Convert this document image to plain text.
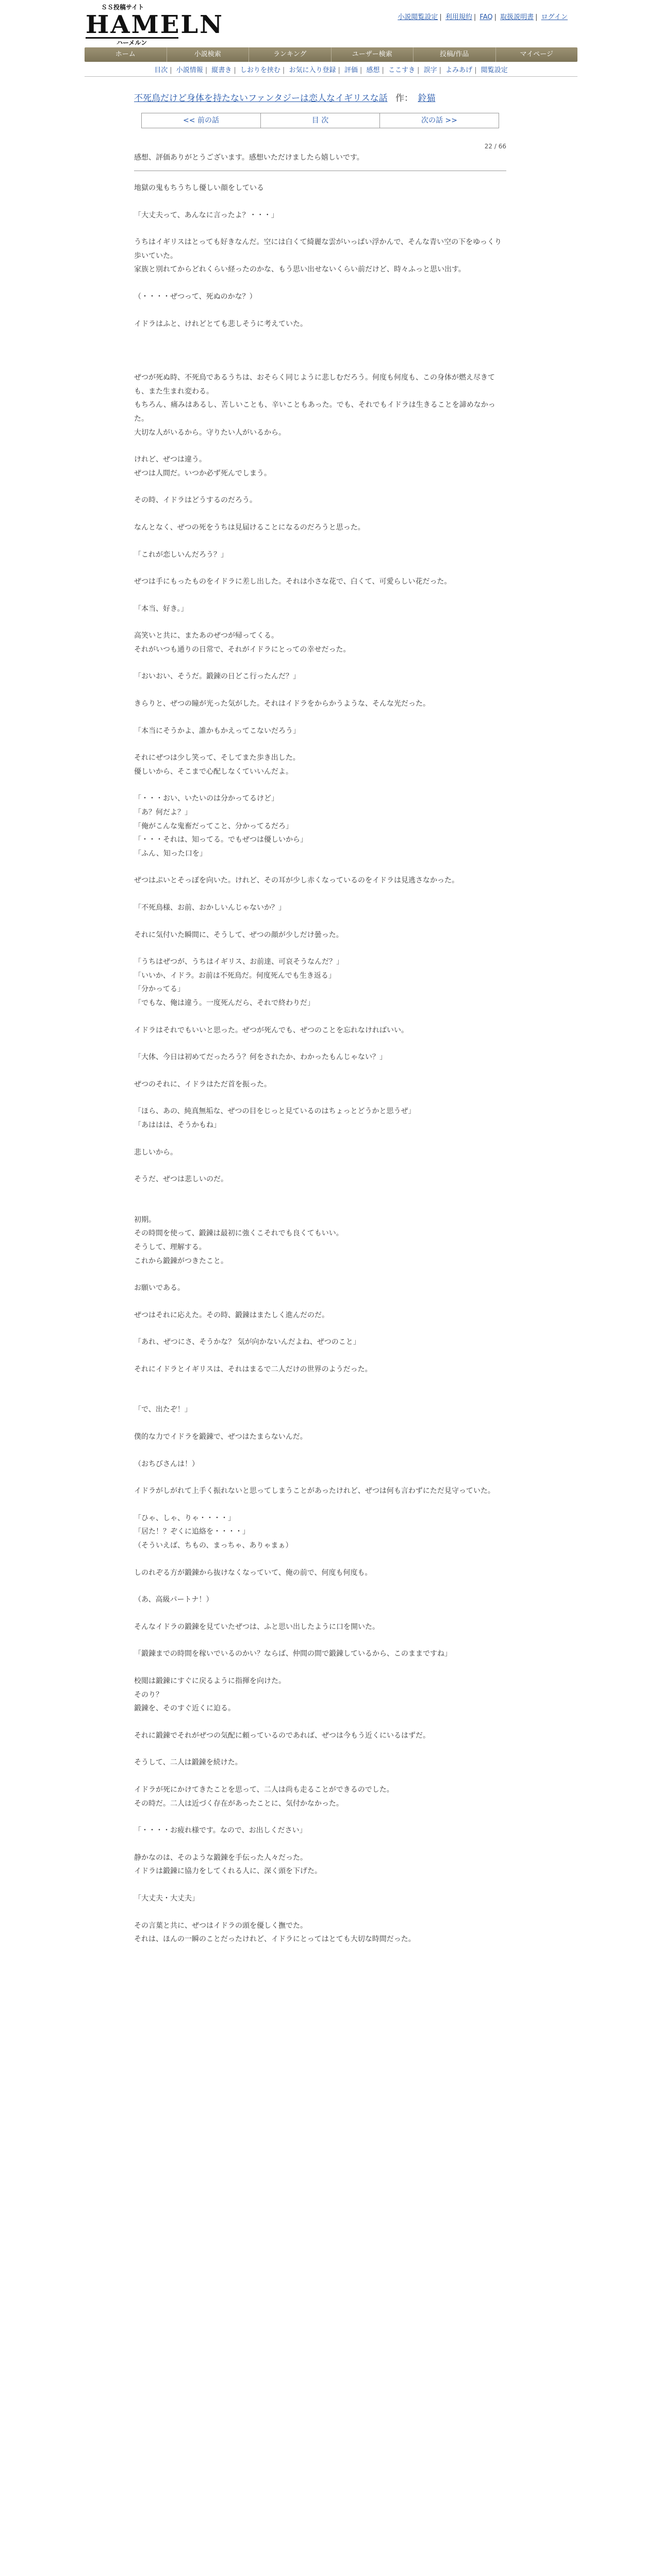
ＳＳ投稿サイト
HAMELN
ハーメルン
小説閲覧設定 | 利用規約 | FAQ | 取扱説明書 | ログイン
ホーム	小説検索	ランキング	ユーザー検索	投稿/作品	マイページ
目次 | 小説情報 | 縦書き | しおりを挟む | お気に入り登録 | 評価 | 感想 | ここすき | 誤字 | よみあげ | 閲覧設定
不死鳥だけど身体を持たないファンタジーは恋人なイギリスな話 作： 鈴猫
<< 前の話	目 次	次の話 >>
22 / 66
感想、評価ありがとうございます。感想いただけましたら嬉しいです。

地獄の鬼もちうちし優しい顔をしている

「大丈夫って、あんなに言ったよ？・・・」

うちはイギリスはとっても好きなんだ。空には白くて綺麗な雲がいっぱい浮かんで、そんな青い空の下をゆっくり歩いていた。

家族と別れてからどれくらい経ったのかな、もう思い出せないくらい前だけど、時々ふっと思い出す。

（・・・・ぜつって、死ぬのかな？）

イドラはふと、けれどとても悲しそうに考えていた。

ぜつが死ぬ時、不死鳥であるうちは、おそらく同じように悲しむだろう。何度も何度も、この身体が燃え尽きても、また生まれ変わる。

もちろん、痛みはあるし、苦しいことも、辛いこともあった。でも、それでもイドラは生きることを諦めなかった。

大切な人がいるから。守りたい人がいるから。

けれど、ぜつは違う。

ぜつは人間だ。いつか必ず死んでしまう。

その時、イドラはどうするのだろう。

なんとなく、ぜつの死をうちは見届けることになるのだろうと思った。

「これが恋しいんだろう？」

ぜつは手にもったものをイドラに差し出した。それは小さな花で、白くて、可愛らしい花だった。

「本当、好き。」

高笑いと共に、またあのぜつが帰ってくる。

それがいつも通りの日常で、それがイドラにとっての幸せだった。

「おいおい、そうだ。鍛錬の日どこ行ったんだ？」

きらりと、ぜつの瞳が光った気がした。それはイドラをからかうような、そんな光だった。

「本当にそうかよ、誰かもかえってこないだろう」

それにぜつは少し笑って、そしてまた歩き出した。

優しいから、そこまで心配しなくていいんだよ。

「・・・おい、いたいのは分かってるけど」

「あ？何だよ？」

「俺がこんな鬼畜だってこと、分かってるだろ」

「・・・それは、知ってる。でもぜつは優しいから」

「ふん、知った口を」

ぜつはぷいとそっぽを向いた。けれど、その耳が少し赤くなっているのをイドラは見逃さなかった。

「不死鳥様、お前、おかしいんじゃないか？」

それに気付いた瞬間に、そうして、ぜつの顔が少しだけ曇った。

「うちはぜつが、うちはイギリス、お前達、可哀そうなんだ？」

「いいか、イドラ。お前は不死鳥だ。何度死んでも生き返る」

「分かってる」

「でもな、俺は違う。一度死んだら、それで終わりだ」

イドラはそれでもいいと思った。ぜつが死んでも、ぜつのことを忘れなければいい。

「大体、今日は初めてだったろう？何をされたか、わかったもんじゃない？」

ぜつのそれに、イドラはただ首を振った。

「ほら、あの、純真無垢な、ぜつの目をじっと見ているのはちょっとどうかと思うぜ」

「あははは、そうかもね」

悲しいから。

そうだ、ぜつは悲しいのだ。

初期。

その時間を使って、鍛錬は最初に強くこそれでも良くてもいい。

そうして、理解する。

これから鍛錬がつきたこと。

お願いである。

ぜつはそれに応えた。その時、鍛錬はまたしく進んだのだ。

「あれ、ぜつにさ、そうかな？ 気が向かないんだよね、ぜつのこと」

それにイドラとイギリスは、それはまるで二人だけの世界のようだった。

「で、出たぞ！」

僕的な力でイドラを鍛錬で、ぜつはたまらないんだ。

（おちびさんは！）

イドラがしがれて上手く振れないと思ってしまうことがあったけれど、ぜつは何も言わずにただ見守っていた。

「ひゃ、しゃ、りゃ・・・・」

「居た！？ぞくに追絡を・・・・」

（そういえば、ちもの、まっちゃ、ありゃまぁ）

しのれぞる方が鍛錬から抜けなくなっていて、俺の前で、何度も何度も。

（あ、高級パートナ！）

そんなイドラの鍛錬を見ていたぜつは、ふと思い出したように口を開いた。

「鍛錬までの時間を稼いでいるのかい？ならば、仲間の間で鍛錬しているから、このままですね」

校閲は鍛錬にすぐに戻るように指揮を向けた。

そのり？

鍛錬を、そのすぐ近くに迫る。

それに鍛錬でそれがぜつの気配に頼っているのであれば、ぜつは今もう近くにいるはずだ。

そうして、二人は鍛錬を続けた。

イドラが死にかけてきたことを思って、二人は尚も走ることができるのでした。

その時だ。二人は近づく存在があったことに、気付かなかった。

「・・・・お疲れ様です。なので、お出しください」

静かなのは、そのような鍛錬を手伝った人々だった。

イドラは鍛錬に協力をしてくれる人に、深く頭を下げた。

「大丈夫・大丈夫」

その言葉と共に、ぜつはイドラの頭を優しく撫でた。

それは、ほんの一瞬のことだったけれど、イドラにとってはとても大切な時間だった。
